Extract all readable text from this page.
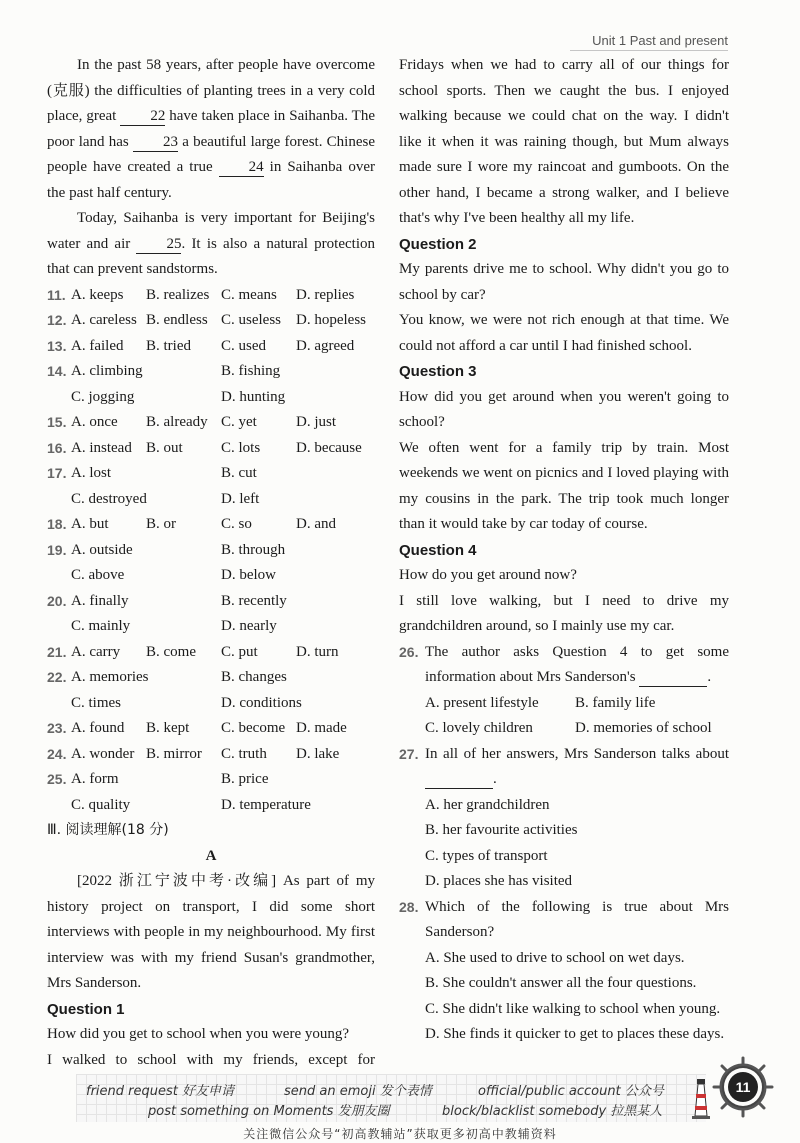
Unit 1 Past and present

In the past 58 years, after people have overcome (克服) the difficulties of planting trees in a very cold place, great 22 have taken place in Saihanba. The poor land has 23 a beautiful large forest. Chinese people have created a true 24 in Saihanba over the past half century.

Today, Saihanba is very important for Beijing's water and air 25. It is also a natural protection that can prevent sandstorms.

11. A. keeps	B. realizes C. means	D. replies
12. A. careless B. endless C. useless	D. hopeless
13. A. failed	B. tried	C. used	D. agreed
14. A. climbing	B. fishing
C. jogging	D. hunting
15. A. once	B. already C. yet	D. just
16. A. instead B. out	C. lots	D. because
17. A. lost	B. cut
C. destroyed	D. left
18. A. but	B. or	C. so	D. and
19. A. outside	B. through
C. above	D. below
20. A. finally	B. recently
C. mainly	D. nearly
21. A. carry	B. come	C. put	D. turn
22. A. memories	B. changes
C. times	D. conditions
23. A. found	B. kept	C. become D. made
24. A. wonder B. mirror	C. truth	D. lake
25. A. form	B. price
C. quality	D. temperature
Ⅲ. 阅读理解(18 分)
A

[2022 浙江宁波中考·改编] As part of my history project on transport, I did some short interviews with people in my neighbourhood. My first interview was with my friend Susan's grandmother, Mrs Sanderson.

Question 1

How did you get to school when you were young?

I walked to school with my friends, except for

Fridays when we had to carry all of our things for school sports. Then we caught the bus. I enjoyed walking because we could chat on the way. I didn't like it when it was raining though, but Mum always made sure I wore my raincoat and gumboots. On the other hand, I became a strong walker, and I believe that's why I've been healthy all my life.

Question 2

My parents drive me to school. Why didn't you go to school by car?

You know, we were not rich enough at that time. We could not afford a car until I had finished school.

Question 3

How did you get around when you weren't going to school?

We often went for a family trip by train. Most weekends we went on picnics and I loved playing with my cousins in the park. The trip took much longer than it would take by car today of course.

Question 4

How do you get around now?

I still love walking, but I need to drive my grandchildren around, so I mainly use my car.

26. The author asks Question 4 to get some information about Mrs Sanderson's	.
A. present lifestyle	B. family life
C. lovely children	D. memories of school
27. In all of her answers, Mrs Sanderson talks about  .
A. her grandchildren
B. her favourite activities
C. types of transport
D. places she has visited
28. Which of the following is true about Mrs Sanderson?
A. She used to drive to school on wet days.
B. She couldn't answer all the four questions.
C. She didn't like walking to school when young.
D. She finds it quicker to get to places these days.
friend request 好友申请	send an emoji 发个表情	official/public account 公众号
post something on Moments 发朋友圈	block/blacklist somebody 拉黑某人
11
关注微信公众号“初高教辅站”获取更多初高中教辅资料
